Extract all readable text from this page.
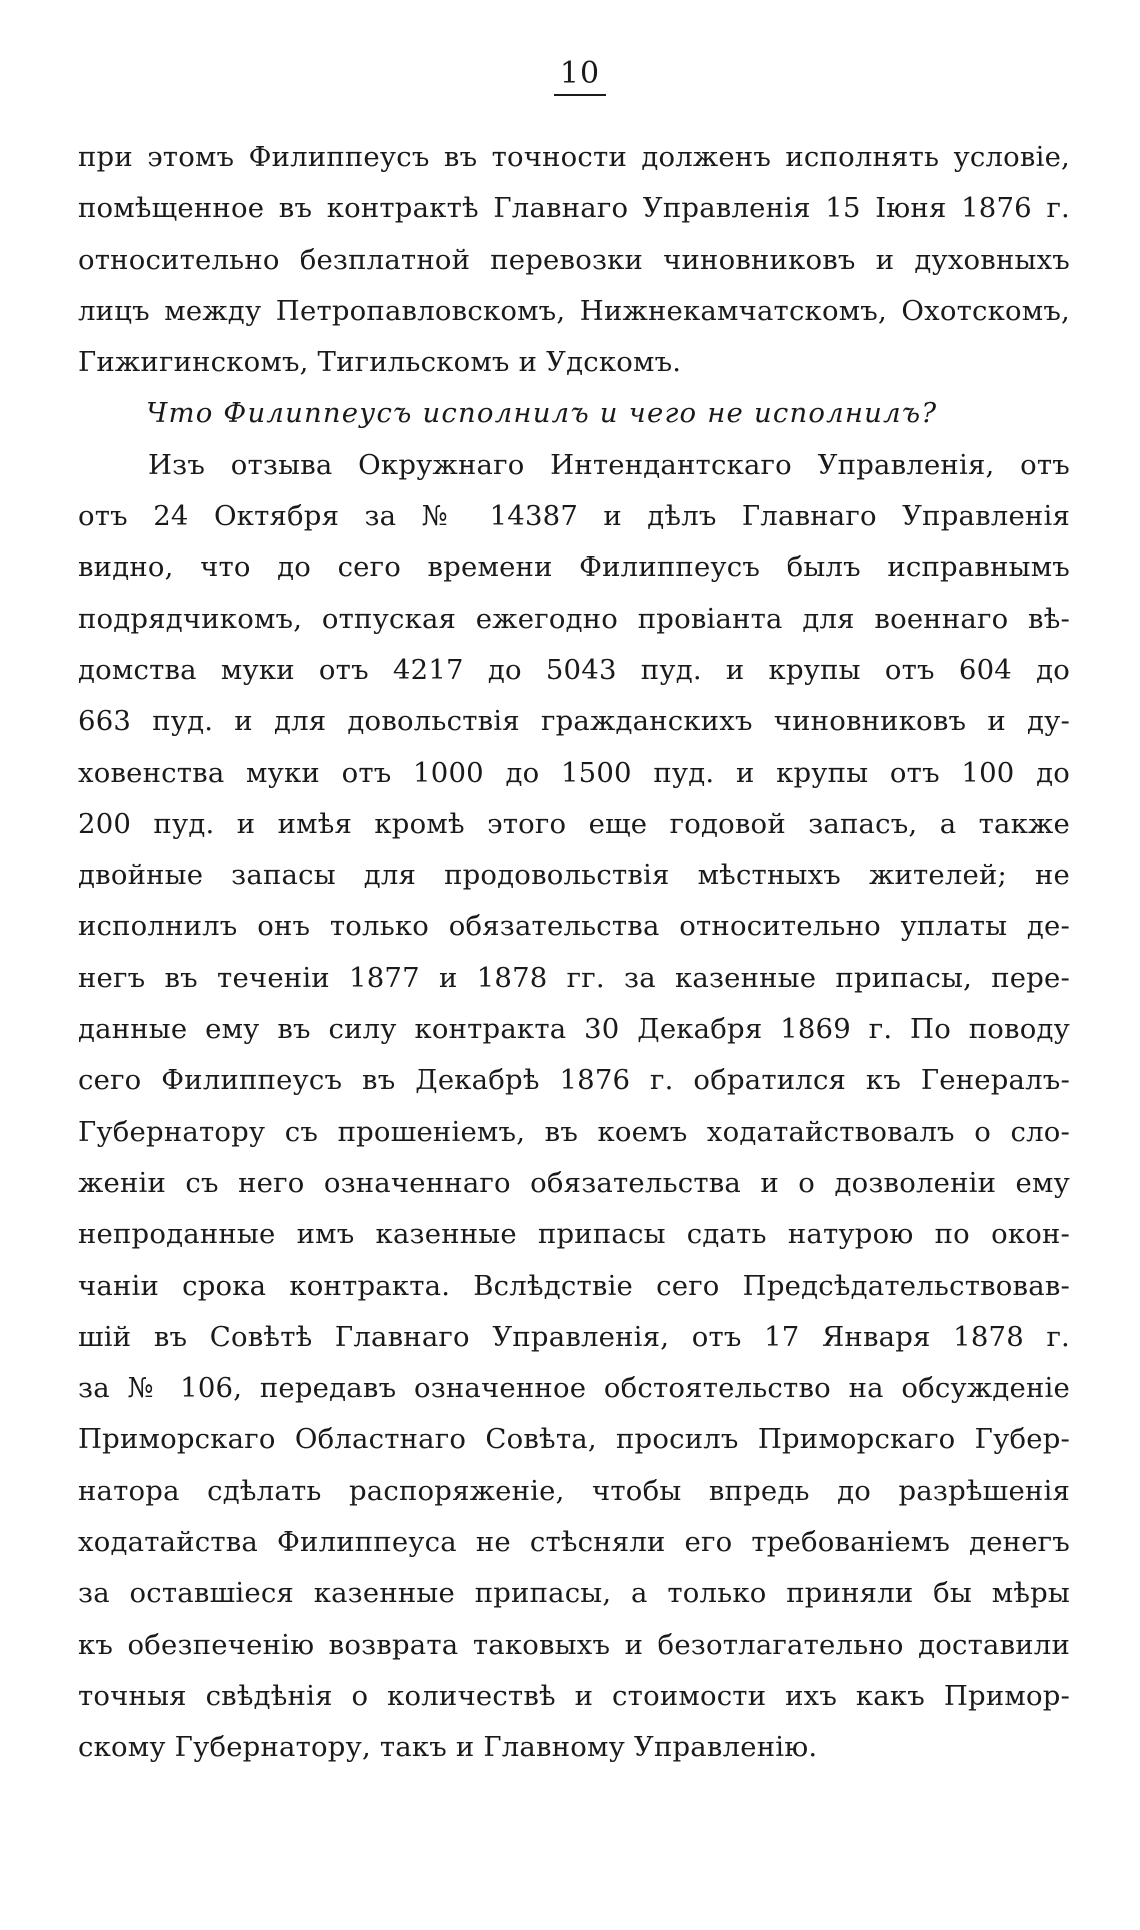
10
при этомъ Филиппеусъ въ точности долженъ исполнять условіе,
помѣщенное въ контрактѣ Главнаго Управленія 15 Іюня 1876 г.
относительно безплатной перевозки чиновниковъ и духовныхъ
лицъ между Петропавловскомъ, Нижнекамчатскомъ, Охотскомъ,
Гижигинскомъ, Тигильскомъ и Удскомъ.
Что Филиппеусъ исполнилъ и чего не исполнилъ?
Изъ отзыва Окружнаго Интендантскаго Управленія, отъ
отъ 24 Октября за № 14387 и дѣлъ Главнаго Управленія
видно, что до сего времени Филиппеусъ былъ исправнымъ
подрядчикомъ, отпуская ежегодно провіанта для военнаго вѣ-
домства муки отъ 4217 до 5043 пуд. и крупы отъ 604 до
663 пуд. и для довольствія гражданскихъ чиновниковъ и ду-
ховенства муки отъ 1000 до 1500 пуд. и крупы отъ 100 до
200 пуд. и имѣя кромѣ этого еще годовой запасъ, а также
двойные запасы для продовольствія мѣстныхъ жителей; не
исполнилъ онъ только обязательства относительно уплаты де-
негъ въ теченіи 1877 и 1878 гг. за казенные припасы, пере-
данные ему въ силу контракта 30 Декабря 1869 г. По поводу
сего Филиппеусъ въ Декабрѣ 1876 г. обратился къ Генералъ-
Губернатору съ прошеніемъ, въ коемъ ходатайствовалъ о сло-
женіи съ него означеннаго обязательства и о дозволеніи ему
непроданные имъ казенные припасы сдать натурою по окон-
чаніи срока контракта. Вслѣдствіе сего Предсѣдательствовав-
шій въ Совѣтѣ Главнаго Управленія, отъ 17 Января 1878 г.
за № 106, передавъ означенное обстоятельство на обсужденіе
Приморскаго Областнаго Совѣта, просилъ Приморскаго Губер-
натора сдѣлать распоряженіе, чтобы впредь до разрѣшенія
ходатайства Филиппеуса не стѣсняли его требованіемъ денегъ
за оставшіеся казенные припасы, а только приняли бы мѣры
къ обезпеченію возврата таковыхъ и безотлагательно доставили
точныя свѣдѣнія о количествѣ и стоимости ихъ какъ Примор-
скому Губернатору, такъ и Главному Управленію.
